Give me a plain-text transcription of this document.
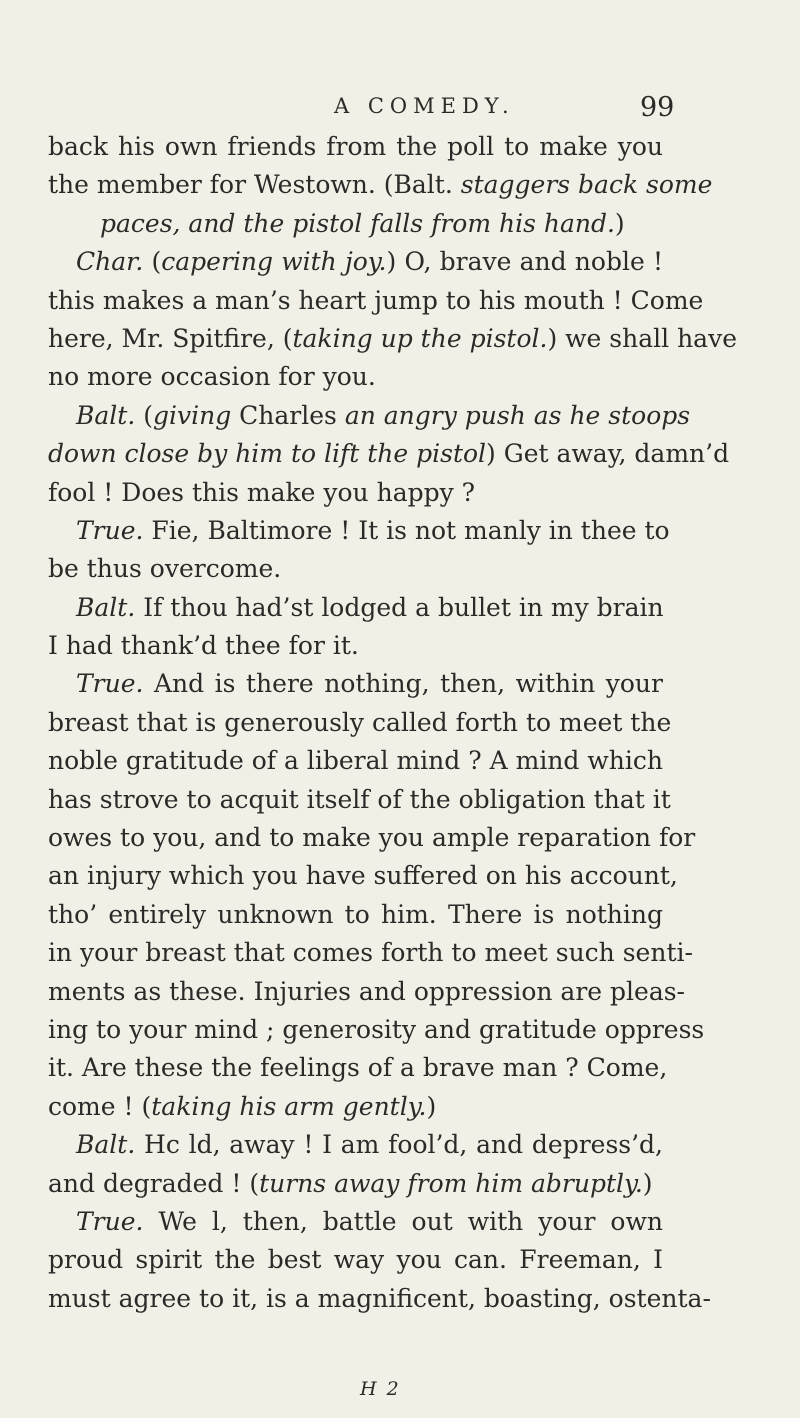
A COMEDY.	99
back his own friends from the poll to make you
the member for Westown. (Balt. staggers back some
paces, and the pistol falls from his hand.)
Char. (capering with joy.) O, brave and noble !
this makes a man’s heart jump to his mouth ! Come
here, Mr. Spitfire, (taking up the pistol.) we shall have
no more occasion for you.
Balt. (giving Charles an angry push as he stoops
down close by him to lift the pistol) Get away, damn’d
fool ! Does this make you happy ?
True. Fie, Baltimore ! It is not manly in thee to
be thus overcome.
Balt. If thou had’st lodged a bullet in my brain
I had thank’d thee for it.
True. And is there nothing, then, within your
breast that is generously called forth to meet the
noble gratitude of a liberal mind ? A mind which
has strove to acquit itself of the obligation that it
owes to you, and to make you ample reparation for
an injury which you have suffered on his account,
tho’ entirely unknown to him. There is nothing
in your breast that comes forth to meet such senti-
ments as these. Injuries and oppression are pleas-
ing to your mind ; generosity and gratitude oppress
it. Are these the feelings of a brave man ? Come,
come ! (taking his arm gently.)
Balt. Hc ld, away ! I am fool’d, and depress’d,
and degraded ! (turns away from him abruptly.)
True. We l, then, battle out with your own
proud spirit the best way you can. Freeman, I
must agree to it, is a magnificent, boasting, ostenta-
H 2
